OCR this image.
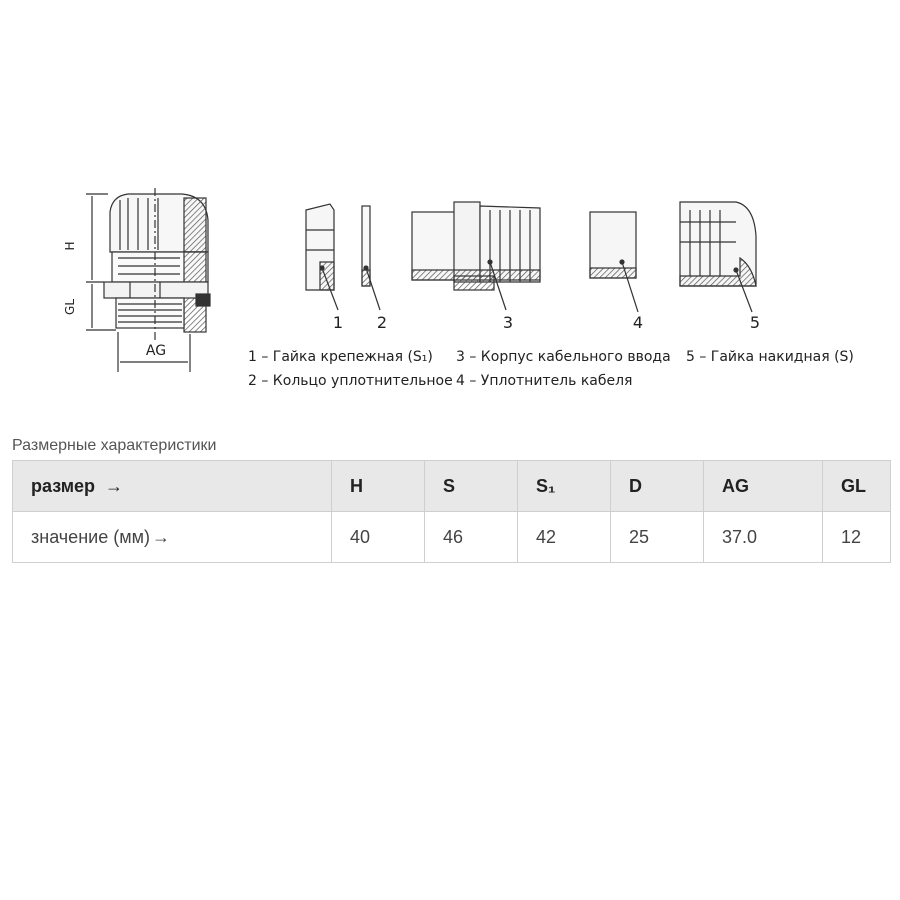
H
GL
AG
1 2	3	4	5
1 – Гайка крепежная (S₁)
2 – Кольцо уплотнительное
3 – Корпус кабельного ввода
4 – Уплотнитель кабеля
5 – Гайка накидная (S)
Размерные характеристики
размер →	H	S	S₁	D	AG	GL

значение (мм) →	40	46	42	25	37.0	12
